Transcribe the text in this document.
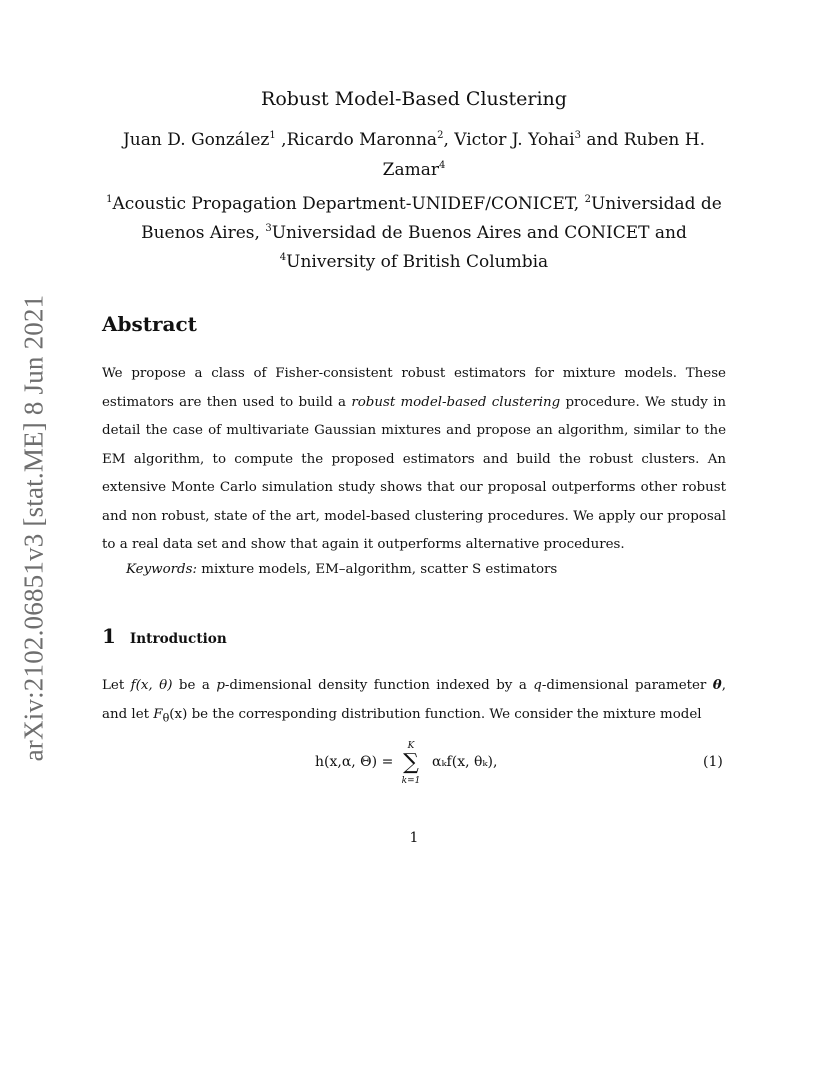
arXiv:2102.06851v3 [stat.ME] 8 Jun 2021
Robust Model-Based Clustering
Juan D. González$^1$ ,Ricardo Maronna$^2$, Victor J. Yohai$^3$ and Ruben H. Zamar$^4$
$^1$Acoustic Propagation Department-UNIDEF/CONICET, $^2$Universidad de Buenos Aires, $^3$Universidad de Buenos Aires and CONICET and
$^4$University of British Columbia
Abstract

We propose a class of Fisher-consistent robust estimators for mixture models. These estimators are then used to build a robust model-based clustering procedure. We study in detail the case of multivariate Gaussian mixtures and propose an algorithm, similar to the EM algorithm, to compute the proposed estimators and build the robust clusters. An extensive Monte Carlo simulation study shows that our proposal outperforms other robust and non robust, state of the art, model-based clustering procedures. We apply our proposal to a real data set and show that again it outperforms alternative procedures.

Keywords: mixture models, EM–algorithm, scatter S estimators
1 Introduction

Let f(x, θ) be a p-dimensional density function indexed by a q-dimensional parameter θ, and let $F_\theta(x)$ be the corresponding distribution function. We consider the mixture model

h(x,α, Θ) =
K
∑
k=1
αₖf(x, θₖ),	(1)
1
